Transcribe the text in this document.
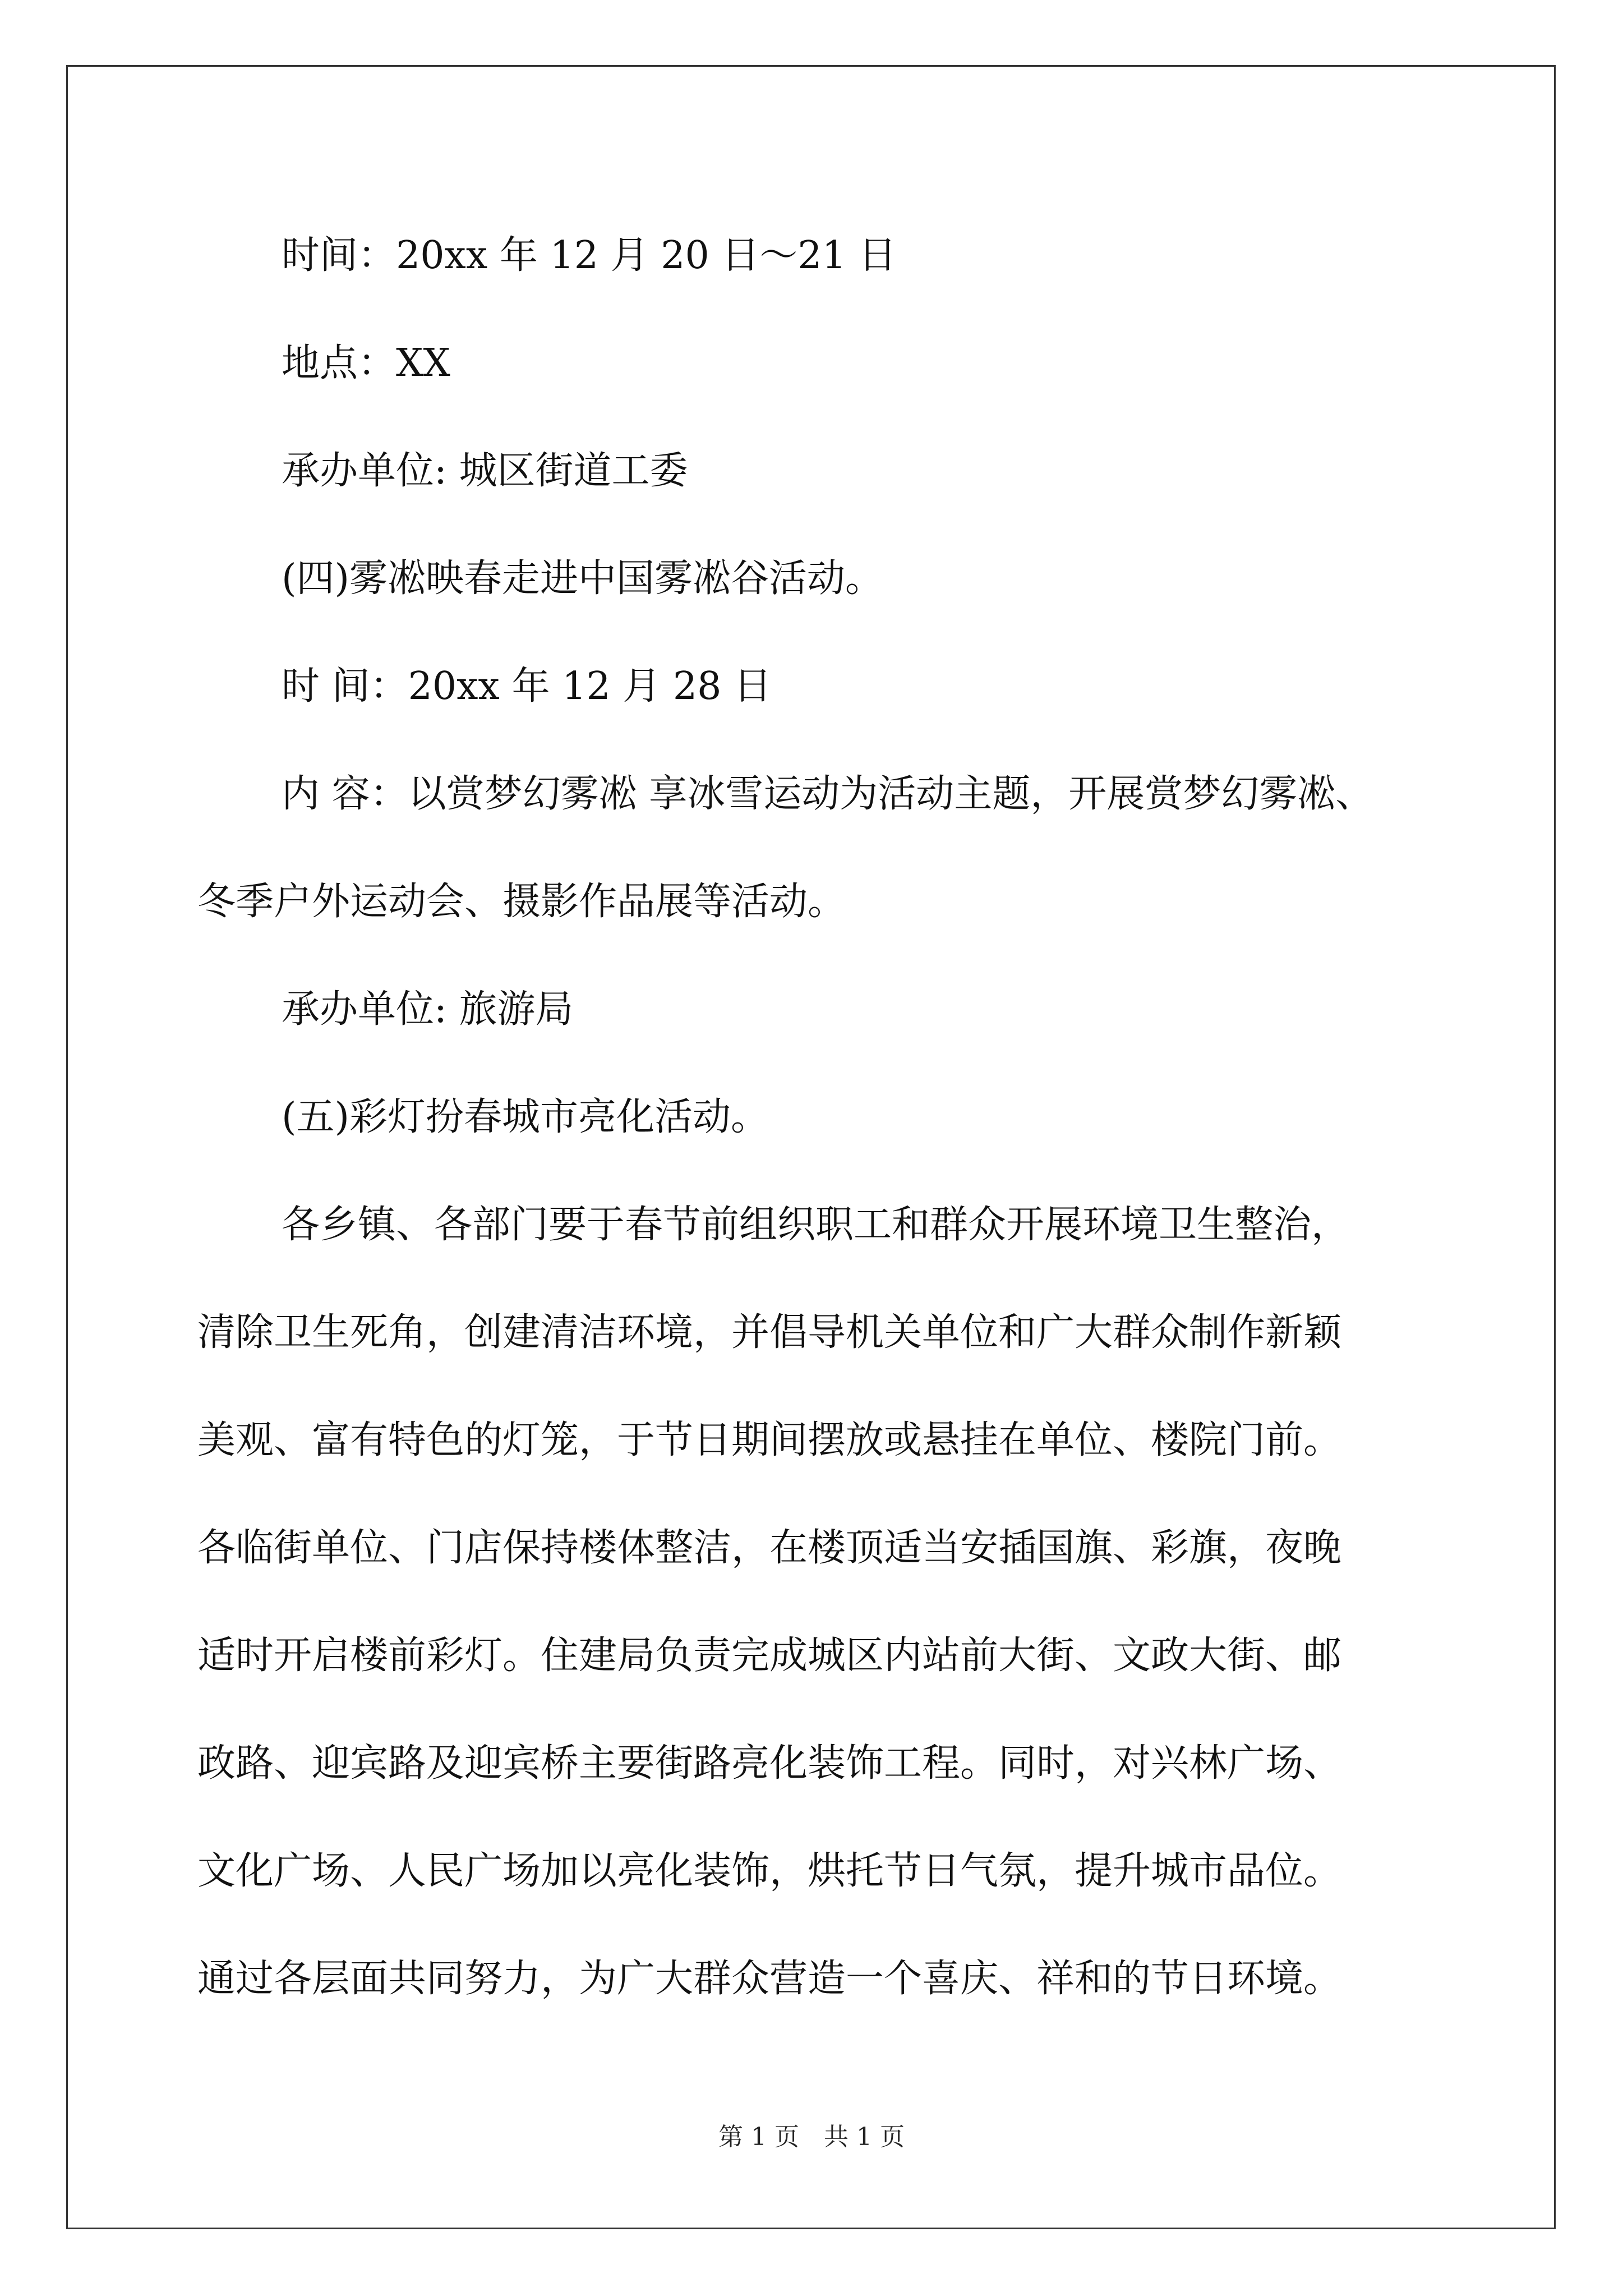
时间：20xx 年 12 月 20 日～21 日

地点：XX

承办单位: 城区街道工委

(四)雾凇映春走进中国雾凇谷活动。

时 间：20xx 年 12 月 28 日

内 容：以赏梦幻雾凇 享冰雪运动为活动主题，开展赏梦幻雾凇、

冬季户外运动会、摄影作品展等活动。

承办单位: 旅游局

(五)彩灯扮春城市亮化活动。

各乡镇、各部门要于春节前组织职工和群众开展环境卫生整治，

清除卫生死角，创建清洁环境，并倡导机关单位和广大群众制作新颖

美观、富有特色的灯笼，于节日期间摆放或悬挂在单位、楼院门前。

各临街单位、门店保持楼体整洁，在楼顶适当安插国旗、彩旗，夜晚

适时开启楼前彩灯。住建局负责完成城区内站前大街、文政大街、邮

政路、迎宾路及迎宾桥主要街路亮化装饰工程。同时，对兴林广场、

文化广场、人民广场加以亮化装饰，烘托节日气氛，提升城市品位。

通过各层面共同努力，为广大群众营造一个喜庆、祥和的节日环境。

第 1 页　共 1 页
